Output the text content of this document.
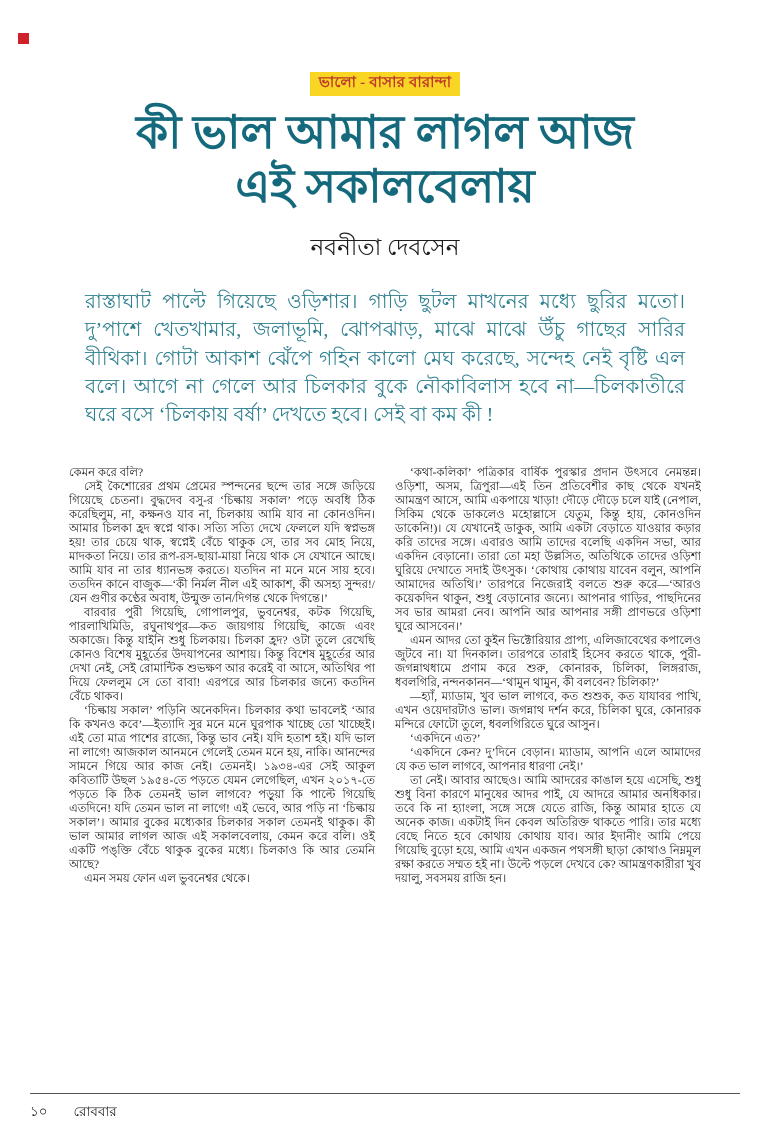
ভালো - বাসার বারান্দা
কী ভাল আমার লাগল আজ
এই সকালবেলায়
নবনীতা দেবসেন
রাস্তাঘাট পাল্টে গিয়েছে ওড়িশার। গাড়ি ছুটল মাখনের মধ্যে ছুরির মতো। দু’পাশে খেতখামার, জলাভূমি, ঝোপঝাড়, মাঝে মাঝে উঁচু গাছের সারির বীথিকা। গোটা আকাশ ঝেঁপে গহিন কালো মেঘ করেছে, সন্দেহ নেই বৃষ্টি এল বলে। আগে না গেলে আর চিলকার বুকে নৌকাবিলাস হবে না—চিলকাতীরে ঘরে বসে ‘চিলকায় বর্ষা’ দেখতে হবে। সেই বা কম কী !

কেমন করে বলি?

সেই কৈশোরের প্রথম প্রেমের স্পন্দনের ছন্দে তার সঙ্গে জড়িয়ে গিয়েছে চেতনা। বুদ্ধদেব বসু-র ‘চিল্কায় সকাল’ পড়ে অবধি ঠিক করেছিলুম, না, কক্ষনও যাব না, চিলকায় আমি যাব না কোনওদিন। আমার চিলকা হ্রদ স্বপ্নে থাক। সত্যি সত্যি দেখে ফেললে যদি স্বপ্নভঙ্গ হয়! তার চেয়ে থাক, স্বপ্নেই বেঁচে থাকুক সে, তার সব মোহ নিয়ে, মাদকতা নিয়ে। তার রূপ-রস-ছায়া-মায়া নিয়ে থাক সে যেখানে আছে। আমি যাব না তার ধ্যানভঙ্গ করতে। যতদিন না মনে মনে সায় হবে। ততদিন কানে বাজুক—‘কী নির্মল নীল এই আকাশ, কী অসহ্য সুন্দর!/ যেন গুণীর কণ্ঠের অবাধ, উন্মুক্ত তান/দিগন্ত থেকে দিগন্তে।’

বারবার পুরী গিয়েছি, গোপালপুর, ভুবনেশ্বর, কটক গিয়েছি, পারলাখিমিডি, রঘুনাথপুর—কত জায়গায় গিয়েছি, কাজে এবং অকাজে। কিন্তু যাইনি শুধু চিলকায়। চিলকা হ্রদ? ওটা তুলে রেখেছি কোনও বিশেষ মুহূর্তের উদযাপনের আশায়। কিন্তু বিশেষ মুহূর্তের আর দেখা নেই, সেই রোমান্টিক শুভক্ষণ আর করেই বা আসে, অতিথির পা দিয়ে ফেললুম সে তো বাবা! এরপরে আর চিলকার জন্যে কতদিন বেঁচে থাকব।

‘চিল্কায় সকাল’ পড়িনি অনেকদিন। চিলকার কথা ভাবলেই ‘আর কি কখনও কবে’—ইত্যাদি সুর মনে মনে ঘুরপাক খাচ্ছে তো খাচ্ছেই। এই তো মাত্র পাশের রাজ্যে, কিন্তু ভাব নেই। যদি হতাশ হই। যদি ভাল না লাগে! আজকাল আনমনে গেলেই তেমন মনে হয়, নাকি। আনন্দের সামনে গিয়ে আর কাজ নেই। তেমনই। ১৯৩৪-এর সেই আকুল কবিতাটি উছল ১৯৫৪-তে পড়তে যেমন লেগেছিল, এখন ২০১৭-তে পড়তে কি ঠিক তেমনই ভাল লাগবে? পড়ুয়া কি পাল্টে গিয়েছি এতদিনে! যদি তেমন ভাল না লাগে! এই ভেবে, আর পড়ি না ‘চিল্কায় সকাল’। আমার বুকের মধ্যেকার চিলকার সকাল তেমনই থাকুক। কী ভাল আমার লাগল আজ এই সকালবেলায়, কেমন করে বলি। ওই একটি পঙ্‌ক্তি বেঁচে থাকুক বুকের মধ্যে। চিলকাও কি আর তেমনি আছে?

এমন সময় ফোন এল ভুবনেশ্বর থেকে।

‘কথা-কলিকা’ পত্রিকার বার্ষিক পুরস্কার প্রদান উৎসবে নেমন্তন্ন। ওড়িশা, অসম, ত্রিপুরা—এই তিন প্রতিবেশীর কাছ থেকে যখনই আমন্ত্রণ আসে, আমি একপায়ে খাড়া! দৌড়ে দৌড়ে চলে যাই (নেপাল, সিকিম থেকে ডাকলেও মহোল্লাসে যেতুম, কিন্তু হায়, কোনওদিন ডাকেনি!)। যে যেখানেই ডাকুক, আমি একটা বেড়াতে যাওয়ার কড়ার করি তাদের সঙ্গে। এবারও আমি তাদের বলেছি একদিন সভা, আর একদিন বেড়ানো। তারা তো মহা উল্লসিত, অতিথিকে তাদের ওড়িশা ঘুরিয়ে দেখাতে সদাই উৎসুক। ‘কোথায় কোথায় যাবেন বলুন, আপনি আমাদের অতিথি।’ তারপরে নিজেরাই বলতে শুরু করে—‘আরও কয়েকদিন থাকুন, শুধু বেড়ানোর জন্যে। আপনার গাড়ির, পাছদিনের সব ভার আমরা নেব। আপনি আর আপনার সঙ্গী প্রাণভরে ওড়িশা ঘুরে আসবেন।’

এমন আদর তো কুইন ভিক্টোরিয়ার প্রাপ্য, এলিজাবেথের কপালেও জুটবে না। যা দিনকাল। তারপরে তারাই হিসেব করতে থাকে, পুরী-জগন্নাথধামে প্রণাম করে শুরু, কোনারক, চিলিকা, লিঙ্গরাজ, ধবলগিরি, নন্দনকানন—‘থামুন থামুন, কী বলবেন? চিলিকা?’

—হ্যাঁ, ম্যাডাম, খুব ভাল লাগবে, কত শুশুক, কত যাযাবর পাখি, এখন ওয়েদারটাও ভাল। জগন্নাথ দর্শন করে, চিলিকা ঘুরে, কোনারক মন্দিরে ফোটো তুলে, ধবলগিরিতে ঘুরে আসুন।

‘একদিনে এত?’

‘একদিনে কেন? দু’দিনে বেড়ান। ম্যাডাম, আপনি এলে আমাদের যে কত ভাল লাগবে, আপনার ধারণা নেই।’

তা নেই। আবার আছেও। আমি আদরের কাঙাল হয়ে এসেছি, শুধু শুধু বিনা কারণে মানুষের আদর পাই, যে আদরে আমার অনধিকার। তবে কি না হ্যাংলা, সঙ্গে সঙ্গে যেতে রাজি, কিন্তু আমার হাতে যে অনেক কাজ। একটাই দিন কেবল অতিরিক্ত থাকতে পারি। তার মধ্যে বেছে নিতে হবে কোথায় কোথায় যাব। আর ইদানীং আমি পেয়ে গিয়েছি বুড়ো হয়ে, আমি এখন একজন পথসঙ্গী ছাড়া কোথাও নিম্নমূল রক্ষা করতে সম্মত হই না। উল্টে পড়লে দেখবে কে? আমন্ত্রণকারীরা খুব দয়ালু, সবসময় রাজি হন।

১০ রোববার
